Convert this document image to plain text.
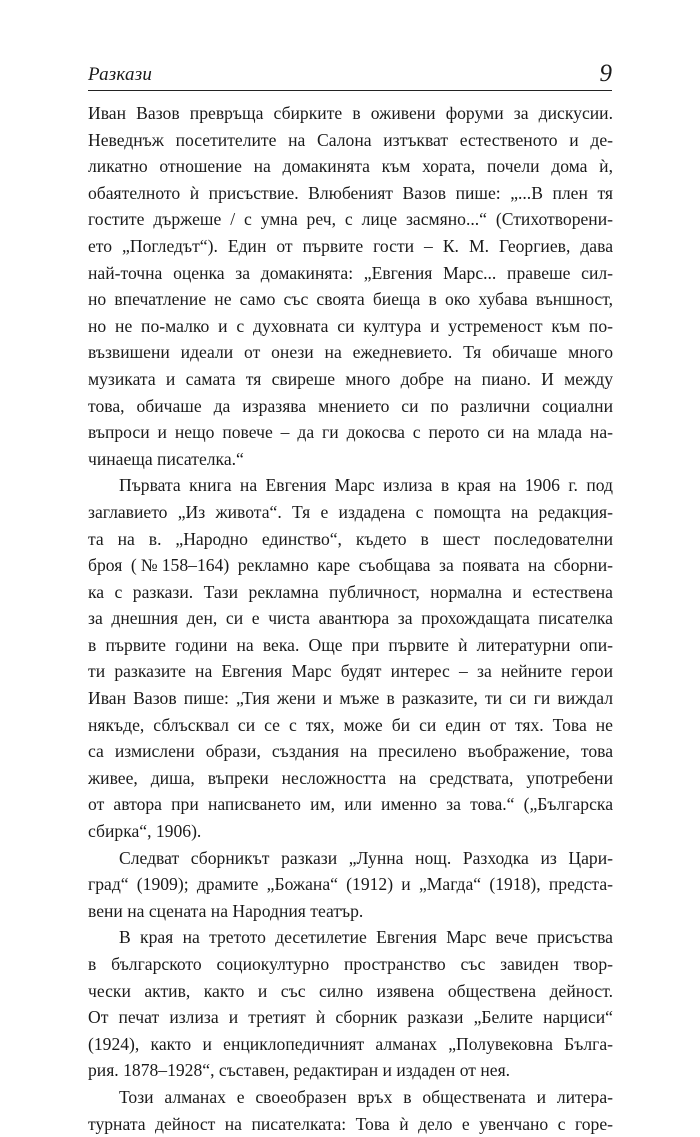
Разкази	9
Иван Вазов превръща сбирките в оживени форуми за дискусии.
Неведнъж посетителите на Салона изтъкват естественото и де-
ликатно отношение на домакинята към хората, почели дома ѝ,
обаятелното ѝ присъствие. Влюбеният Вазов пише: „...В плен тя
гостите държеше / с умна реч, с лице засмяно...“ (Стихотворени-
ето „Погледът“). Един от първите гости – К. М. Георгиев, дава
най-точна оценка за домакинята: „Евгения Марс... правеше сил-
но впечатление не само със своята биеща в око хубава външност,
но не по-малко и с духовната си култура и устременост към по-
възвишени идеали от онези на ежедневието. Тя обичаше много
музиката и самата тя свиреше много добре на пиано. И между
това, обичаше да изразява мнението си по различни социални
въпроси и нещо повече – да ги докосва с перото си на млада на-
чинаеща писателка.“
Първата книга на Евгения Марс излиза в края на 1906 г. под
заглавието „Из живота“. Тя е издадена с помощта на редакция-
та на в. „Народно единство“, където в шест последователни
броя (№158–164) рекламно каре съобщава за появата на сборни-
ка с разкази. Тази рекламна публичност, нормална и естествена
за днешния ден, си е чиста авантюра за прохождащата писателка
в първите години на века. Още при първите ѝ литературни опи-
ти разказите на Евгения Марс будят интерес – за нейните герои
Иван Вазов пише: „Тия жени и мъже в разказите, ти си ги виждал
някъде, сблъсквал си се с тях, може би си един от тях. Това не
са измислени образи, създания на пресилено въображение, това
живее, диша, въпреки несложността на средствата, употребени
от автора при написването им, или именно за това.“ („Българска
сбирка“, 1906).
Следват сборникът разкази „Лунна нощ. Разходка из Цари-
град“ (1909); драмите „Божана“ (1912) и „Магда“ (1918), предста-
вени на сцената на Народния театър.
В края на третото десетилетие Евгения Марс вече присъства
в българското социокултурно пространство със завиден твор-
чески актив, както и със силно изявена обществена дейност.
От печат излиза и третият ѝ сборник разкази „Белите нарциси“
(1924), както и енциклопедичният алманах „Полувековна Бълга-
рия. 1878–1928“, съставен, редактиран и издаден от нея.
Този алманах е своеобразен връх в обществената и литера-
турната дейност на писателката: Това ѝ дело е увенчано с горе-
